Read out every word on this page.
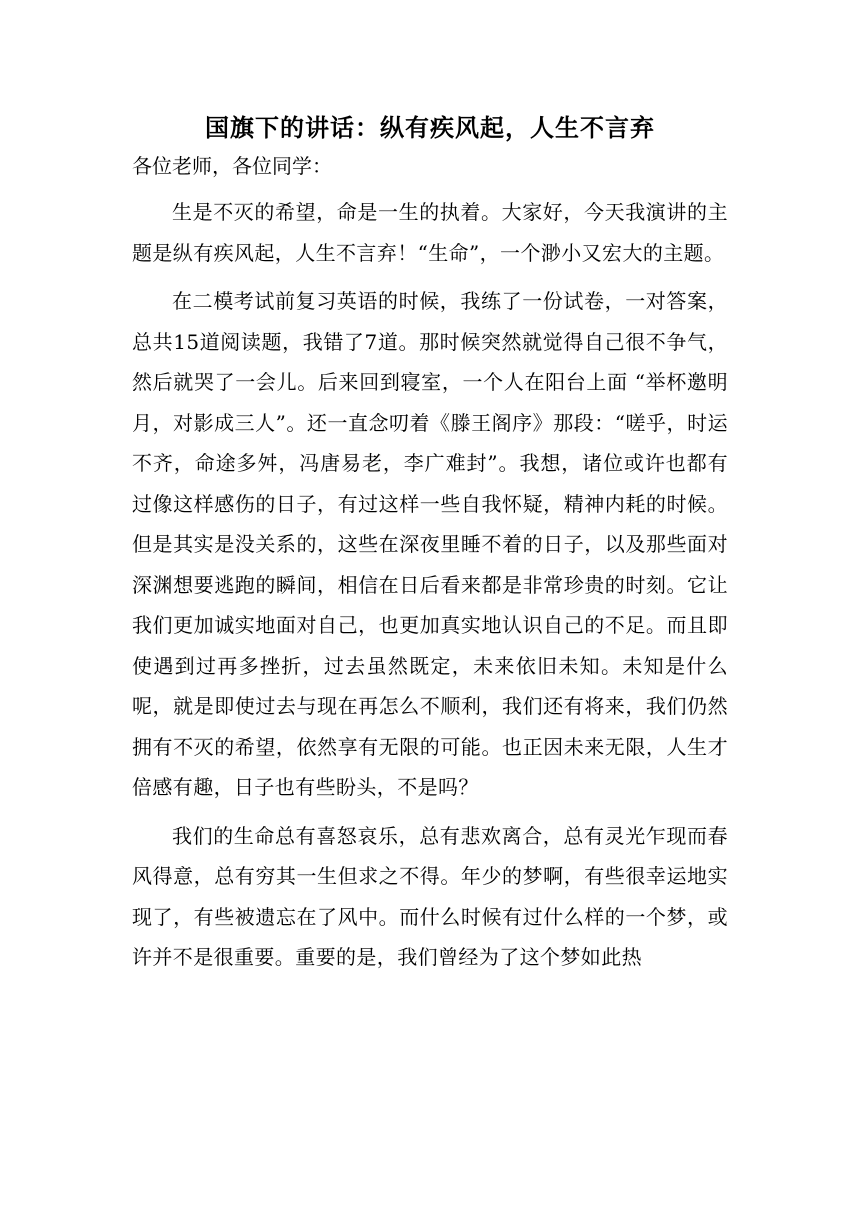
国旗下的讲话：纵有疾风起，人生不言弃

各位老师，各位同学：

生是不灭的希望，命是一生的执着。大家好，今天我演讲的主题是纵有疾风起，人生不言弃！“生命”，一个渺小又宏大的主题。

在二模考试前复习英语的时候，我练了一份试卷，一对答案，总共15道阅读题，我错了7道。那时候突然就觉得自己很不争气，然后就哭了一会儿。后来回到寝室，一个人在阳台上面 “举杯邀明月，对影成三人”。还一直念叨着《滕王阁序》那段：“嗟乎，时运不齐，命途多舛，冯唐易老，李广难封”。我想，诸位或许也都有过像这样感伤的日子，有过这样一些自我怀疑，精神内耗的时候。但是其实是没关系的，这些在深夜里睡不着的日子，以及那些面对深渊想要逃跑的瞬间，相信在日后看来都是非常珍贵的时刻。它让我们更加诚实地面对自己，也更加真实地认识自己的不足。而且即使遇到过再多挫折，过去虽然既定，未来依旧未知。未知是什么呢，就是即使过去与现在再怎么不顺利，我们还有将来，我们仍然拥有不灭的希望，依然享有无限的可能。也正因未来无限，人生才倍感有趣，日子也有些盼头，不是吗？

我们的生命总有喜怒哀乐，总有悲欢离合，总有灵光乍现而春风得意，总有穷其一生但求之不得。年少的梦啊，有些很幸运地实现了，有些被遗忘在了风中。而什么时候有过什么样的一个梦，或许并不是很重要。重要的是，我们曾经为了这个梦如此热
